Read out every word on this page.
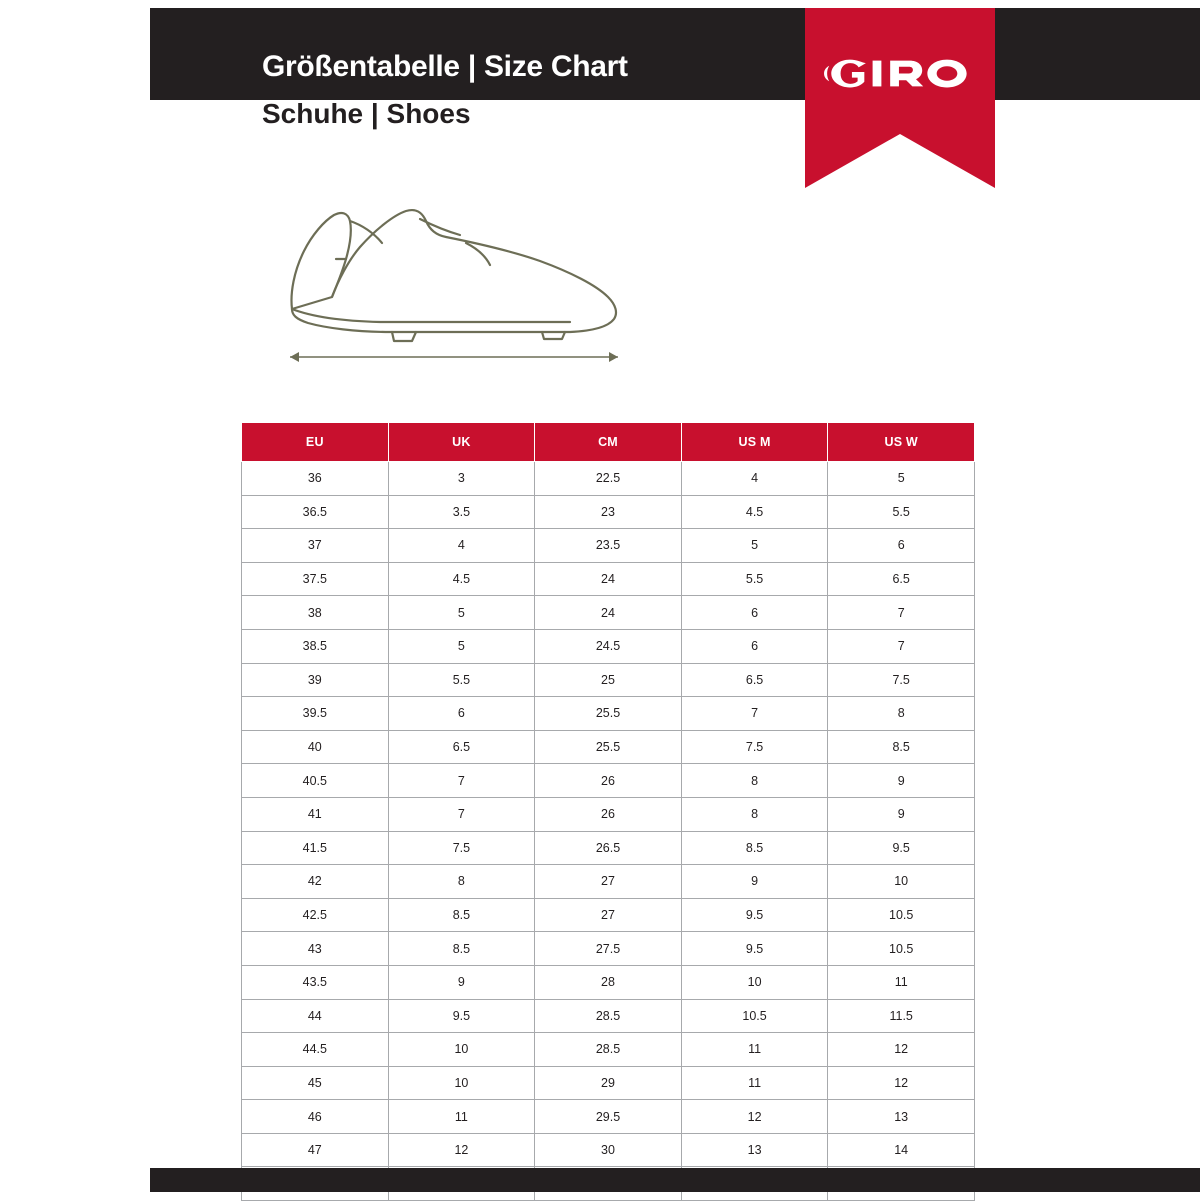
Größentabelle | Size Chart
Schuhe | Shoes
EU	UK	CM	US M	US W
36	3	22.5	4	5
36.5	3.5	23	4.5	5.5
37	4	23.5	5	6
37.5	4.5	24	5.5	6.5
38	5	24	6	7
38.5	5	24.5	6	7
39	5.5	25	6.5	7.5
39.5	6	25.5	7	8
40	6.5	25.5	7.5	8.5
40.5	7	26	8	9
41	7	26	8	9
41.5	7.5	26.5	8.5	9.5
42	8	27	9	10
42.5	8.5	27	9.5	10.5
43	8.5	27.5	9.5	10.5
43.5	9	28	10	11
44	9.5	28.5	10.5	11.5
44.5	10	28.5	11	12
45	10	29	11	12
46	11	29.5	12	13
47	12	30	13	14
